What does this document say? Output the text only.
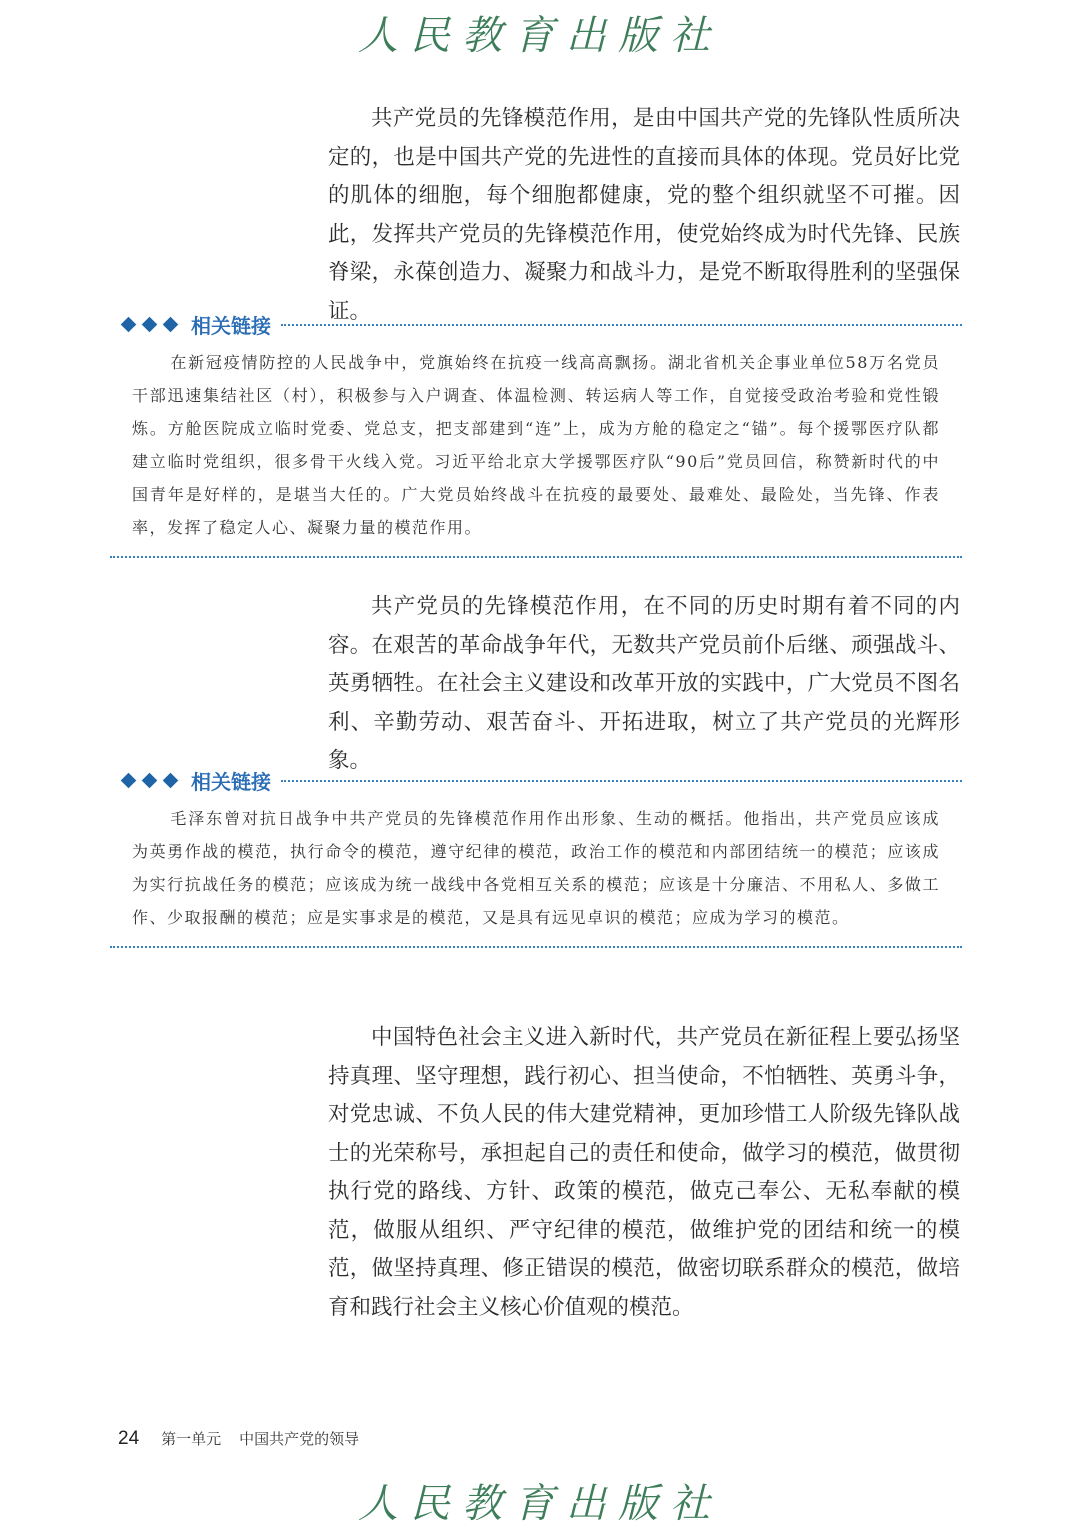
人民教育出版社

共产党员的先锋模范作用，是由中国共产党的先锋队性质所决定的，也是中国共产党的先进性的直接而具体的体现。党员好比党的肌体的细胞，每个细胞都健康，党的整个组织就坚不可摧。因此，发挥共产党员的先锋模范作用，使党始终成为时代先锋、民族脊梁，永葆创造力、凝聚力和战斗力，是党不断取得胜利的坚强保证。

相关链接

在新冠疫情防控的人民战争中，党旗始终在抗疫一线高高飘扬。湖北省机关企事业单位58万名党员干部迅速集结社区（村），积极参与入户调查、体温检测、转运病人等工作，自觉接受政治考验和党性锻炼。方舱医院成立临时党委、党总支，把支部建到“连”上，成为方舱的稳定之“锚”。每个援鄂医疗队都建立临时党组织，很多骨干火线入党。习近平给北京大学援鄂医疗队“90后”党员回信，称赞新时代的中国青年是好样的，是堪当大任的。广大党员始终战斗在抗疫的最要处、最难处、最险处，当先锋、作表率，发挥了稳定人心、凝聚力量的模范作用。

共产党员的先锋模范作用，在不同的历史时期有着不同的内容。在艰苦的革命战争年代，无数共产党员前仆后继、顽强战斗、英勇牺牲。在社会主义建设和改革开放的实践中，广大党员不图名利、辛勤劳动、艰苦奋斗、开拓进取，树立了共产党员的光辉形象。

相关链接

毛泽东曾对抗日战争中共产党员的先锋模范作用作出形象、生动的概括。他指出，共产党员应该成为英勇作战的模范，执行命令的模范，遵守纪律的模范，政治工作的模范和内部团结统一的模范；应该成为实行抗战任务的模范；应该成为统一战线中各党相互关系的模范；应该是十分廉洁、不用私人、多做工作、少取报酬的模范；应是实事求是的模范，又是具有远见卓识的模范；应成为学习的模范。

中国特色社会主义进入新时代，共产党员在新征程上要弘扬坚持真理、坚守理想，践行初心、担当使命，不怕牺牲、英勇斗争，对党忠诚、不负人民的伟大建党精神，更加珍惜工人阶级先锋队战士的光荣称号，承担起自己的责任和使命，做学习的模范，做贯彻执行党的路线、方针、政策的模范，做克己奉公、无私奉献的模范，做服从组织、严守纪律的模范，做维护党的团结和统一的模范，做坚持真理、修正错误的模范，做密切联系群众的模范，做培育和践行社会主义核心价值观的模范。

24 第一单元 中国共产党的领导
人民教育出版社
